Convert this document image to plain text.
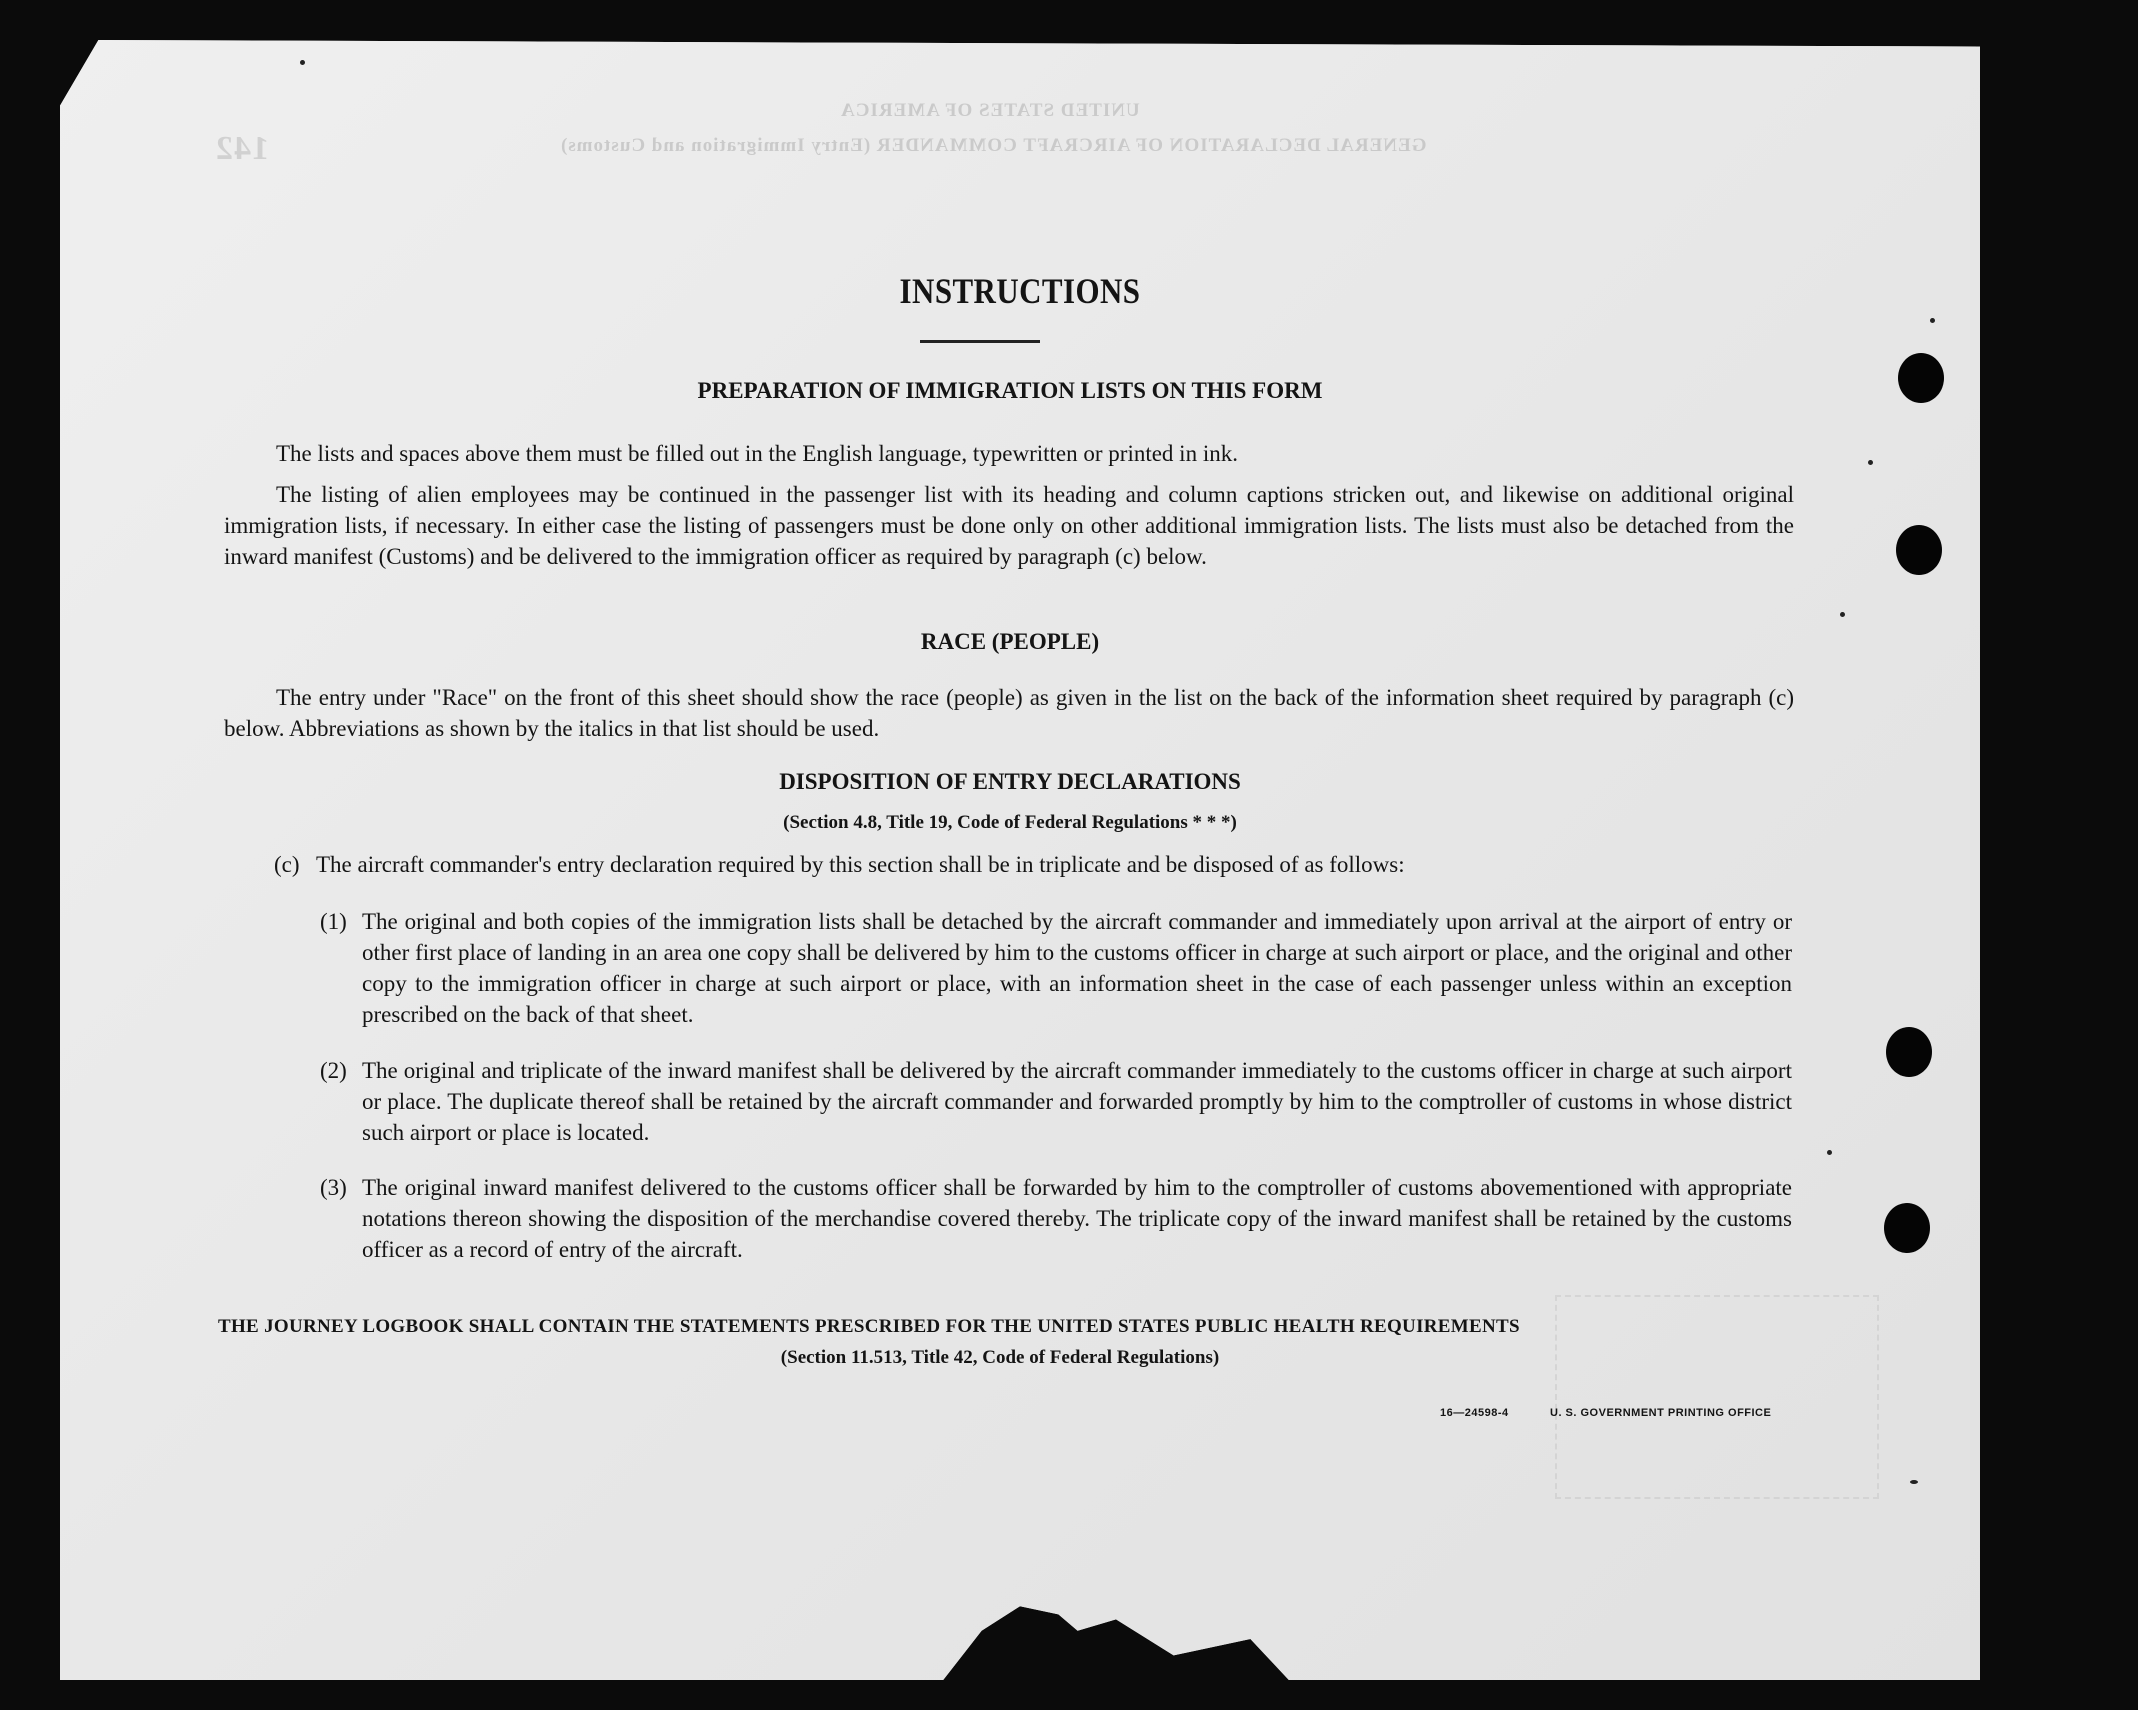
UNITED STATES OF AMERICA
GENERAL DECLARATION OF AIRCRAFT COMMANDER (Entry Immigration and Customs)
142
INSTRUCTIONS
PREPARATION OF IMMIGRATION LISTS ON THIS FORM
The lists and spaces above them must be filled out in the English language, typewritten or printed in ink.
The listing of alien employees may be continued in the passenger list with its heading and column captions stricken out, and likewise on additional original immigration lists, if necessary. In either case the listing of passengers must be done only on other additional immigration lists. The lists must also be detached from the inward manifest (Customs) and be delivered to the immigration officer as required by paragraph (c) below.
RACE (PEOPLE)
The entry under "Race" on the front of this sheet should show the race (people) as given in the list on the back of the information sheet required by paragraph (c) below. Abbreviations as shown by the italics in that list should be used.
DISPOSITION OF ENTRY DECLARATIONS
(Section 4.8, Title 19, Code of Federal Regulations * * *)
(c) The aircraft commander's entry declaration required by this section shall be in triplicate and be disposed of as follows:
(1) The original and both copies of the immigration lists shall be detached by the aircraft commander and immediately upon arrival at the airport of entry or other first place of landing in an area one copy shall be delivered by him to the customs officer in charge at such airport or place, and the original and other copy to the immigration officer in charge at such airport or place, with an information sheet in the case of each passenger unless within an exception prescribed on the back of that sheet.
(2) The original and triplicate of the inward manifest shall be delivered by the aircraft commander immediately to the customs officer in charge at such airport or place. The duplicate thereof shall be retained by the aircraft commander and forwarded promptly by him to the comptroller of customs in whose district such airport or place is located.
(3) The original inward manifest delivered to the customs officer shall be forwarded by him to the comptroller of customs abovementioned with appropriate notations thereon showing the disposition of the merchandise covered thereby. The triplicate copy of the inward manifest shall be retained by the customs officer as a record of entry of the aircraft.
THE JOURNEY LOGBOOK SHALL CONTAIN THE STATEMENTS PRESCRIBED FOR THE UNITED STATES PUBLIC HEALTH REQUIREMENTS
(Section 11.513, Title 42, Code of Federal Regulations)
16—24598-4	U. S. GOVERNMENT PRINTING OFFICE
